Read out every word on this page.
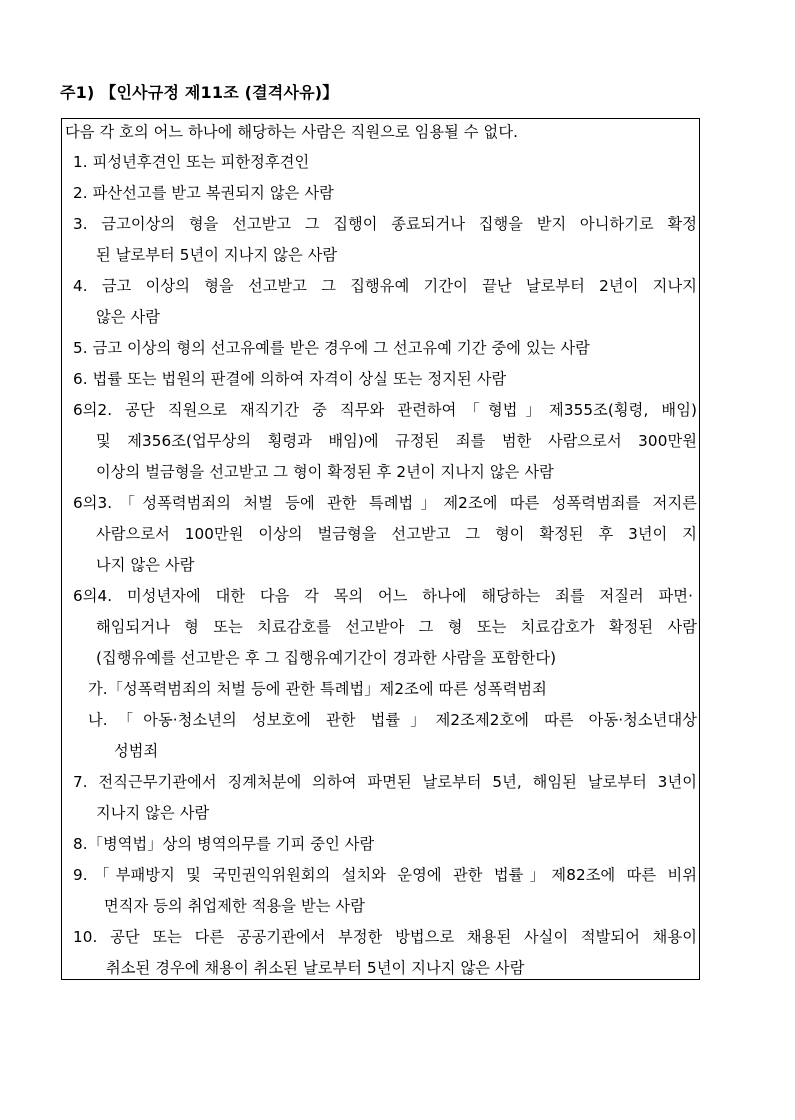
주1) 【인사규정 제11조 (결격사유)】
다음 각 호의 어느 하나에 해당하는 사람은 직원으로 임용될 수 없다.
1. 피성년후견인 또는 피한정후견인
2. 파산선고를 받고 복권되지 않은 사람
3. 금고이상의 형을 선고받고 그 집행이 종료되거나 집행을 받지 아니하기로 확정
된 날로부터 5년이 지나지 않은 사람
4. 금고 이상의 형을 선고받고 그 집행유예 기간이 끝난 날로부터 2년이 지나지
않은 사람
5. 금고 이상의 형의 선고유예를 받은 경우에 그 선고유예 기간 중에 있는 사람
6. 법률 또는 법원의 판결에 의하여 자격이 상실 또는 정지된 사람
6의2. 공단 직원으로 재직기간 중 직무와 관련하여「형법」제355조(횡령, 배임)
및 제356조(업무상의 횡령과 배임)에 규정된 죄를 범한 사람으로서 300만원
이상의 벌금형을 선고받고 그 형이 확정된 후 2년이 지나지 않은 사람
6의3.「성폭력범죄의 처벌 등에 관한 특례법」제2조에 따른 성폭력범죄를 저지른
사람으로서 100만원 이상의 벌금형을 선고받고 그 형이 확정된 후 3년이 지
나지 않은 사람
6의4. 미성년자에 대한 다음 각 목의 어느 하나에 해당하는 죄를 저질러 파면·
해임되거나 형 또는 치료감호를 선고받아 그 형 또는 치료감호가 확정된 사람
(집행유예를 선고받은 후 그 집행유예기간이 경과한 사람을 포함한다)
가.「성폭력범죄의 처벌 등에 관한 특례법」제2조에 따른 성폭력범죄
나.「아동·청소년의 성보호에 관한 법률」제2조제2호에 따른 아동·청소년대상
성범죄
7. 전직근무기관에서 징계처분에 의하여 파면된 날로부터 5년, 해임된 날로부터 3년이
지나지 않은 사람
8.「병역법」상의 병역의무를 기피 중인 사람
9.「부패방지 및 국민권익위원회의 설치와 운영에 관한 법률」제82조에 따른 비위
면직자 등의 취업제한 적용을 받는 사람
10. 공단 또는 다른 공공기관에서 부정한 방법으로 채용된 사실이 적발되어 채용이
취소된 경우에 채용이 취소된 날로부터 5년이 지나지 않은 사람
